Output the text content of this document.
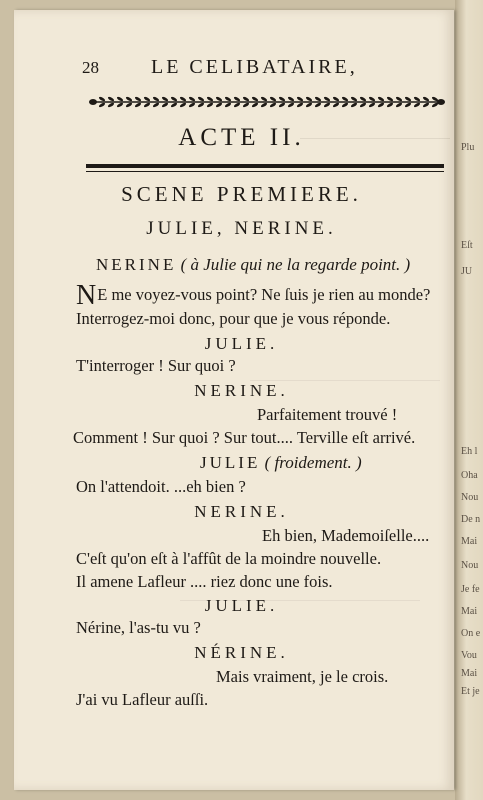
Plu
Eſt
JU
Eh l
Oha
Nou
De n
Mai
Nou
Je fe
Mai
On e
Vou
Mai
Et je
28	LE CELIBATAIRE,
ACTE II.
SCENE PREMIERE.
JULIE, NERINE.
NERINE ( à Julie qui ne la regarde point. )
NE me voyez-vous point? Ne ſuis je rien au monde?
Interrogez-moi donc, pour que je vous réponde.
JULIE.
T'interroger ! Sur quoi ?
NERINE.
Parfaitement trouvé !
Comment ! Sur quoi ? Sur tout.... Terville eſt arrivé.
JULIE ( froidement. )
On l'attendoit. ...eh bien ?
NERINE.
Eh bien, Mademoiſelle....
C'eſt qu'on eſt à l'affût de la moindre nouvelle.
Il amene Lafleur .... riez donc une fois.
JULIE.
Nérine, l'as-tu vu ?
NÉRINE.
Mais vraiment, je le crois.
J'ai vu Lafleur auſſi.
